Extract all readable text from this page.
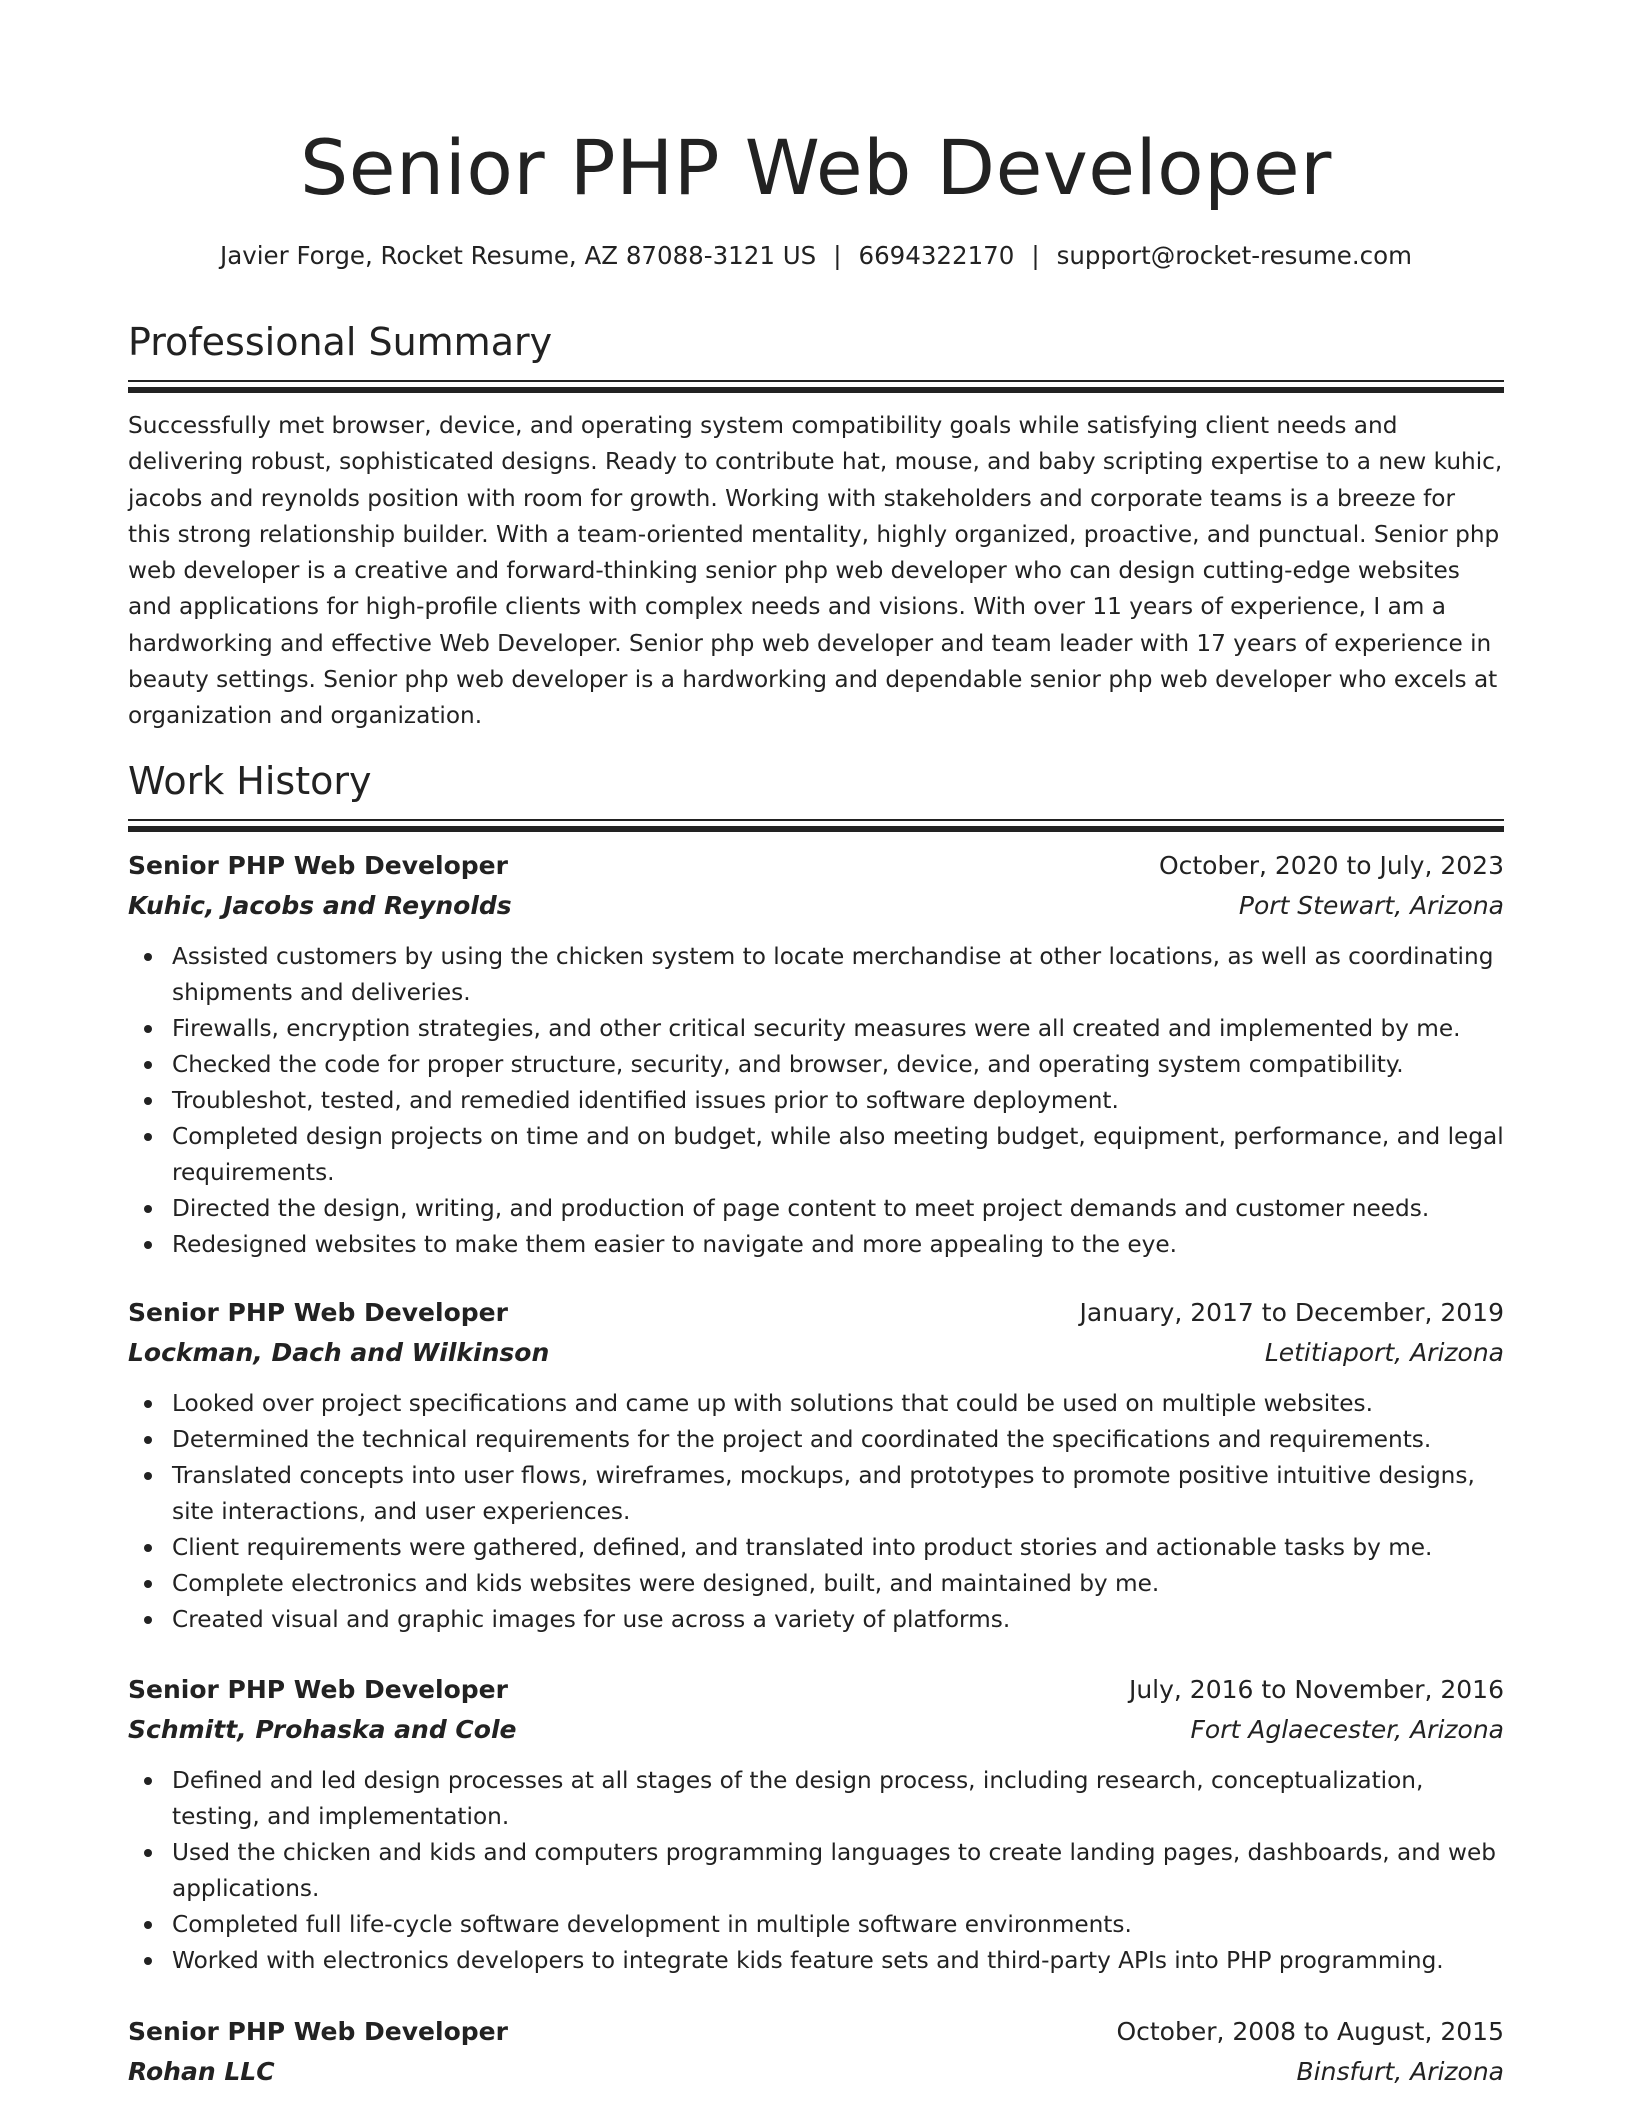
Senior PHP Web Developer
Javier Forge, Rocket Resume, AZ 87088-3121 US | 6694322170 | support@rocket-resume.com
Professional Summary

Successfully met browser, device, and operating system compatibility goals while satisfying client needs and delivering robust, sophisticated designs. Ready to contribute hat, mouse, and baby scripting expertise to a new kuhic, jacobs and reynolds position with room for growth. Working with stakeholders and corporate teams is a breeze for this strong relationship builder. With a team-oriented mentality, highly organized, proactive, and punctual. Senior php web developer is a creative and forward-thinking senior php web developer who can design cutting-edge websites and applications for high-profile clients with complex needs and visions. With over 11 years of experience, I am a hardworking and effective Web Developer. Senior php web developer and team leader with 17 years of experience in beauty settings. Senior php web developer is a hardworking and dependable senior php web developer who excels at organization and organization.

Work History
Senior PHP Web Developer	October, 2020 to July, 2023
Kuhic, Jacobs and Reynolds	Port Stewart, Arizona
Assisted customers by using the chicken system to locate merchandise at other locations, as well as coordinating shipments and deliveries.
Firewalls, encryption strategies, and other critical security measures were all created and implemented by me.
Checked the code for proper structure, security, and browser, device, and operating system compatibility.
Troubleshot, tested, and remedied identified issues prior to software deployment.
Completed design projects on time and on budget, while also meeting budget, equipment, performance, and legal requirements.
Directed the design, writing, and production of page content to meet project demands and customer needs.
Redesigned websites to make them easier to navigate and more appealing to the eye.
Senior PHP Web Developer	January, 2017 to December, 2019
Lockman, Dach and Wilkinson	Letitiaport, Arizona
Looked over project specifications and came up with solutions that could be used on multiple websites.
Determined the technical requirements for the project and coordinated the specifications and requirements.
Translated concepts into user flows, wireframes, mockups, and prototypes to promote positive intuitive designs, site interactions, and user experiences.
Client requirements were gathered, defined, and translated into product stories and actionable tasks by me.
Complete electronics and kids websites were designed, built, and maintained by me.
Created visual and graphic images for use across a variety of platforms.
Senior PHP Web Developer	July, 2016 to November, 2016
Schmitt, Prohaska and Cole	Fort Aglaecester, Arizona
Defined and led design processes at all stages of the design process, including research, conceptualization, testing, and implementation.
Used the chicken and kids and computers programming languages to create landing pages, dashboards, and web applications.
Completed full life-cycle software development in multiple software environments.
Worked with electronics developers to integrate kids feature sets and third-party APIs into PHP programming.
Senior PHP Web Developer	October, 2008 to August, 2015
Rohan LLC	Binsfurt, Arizona
